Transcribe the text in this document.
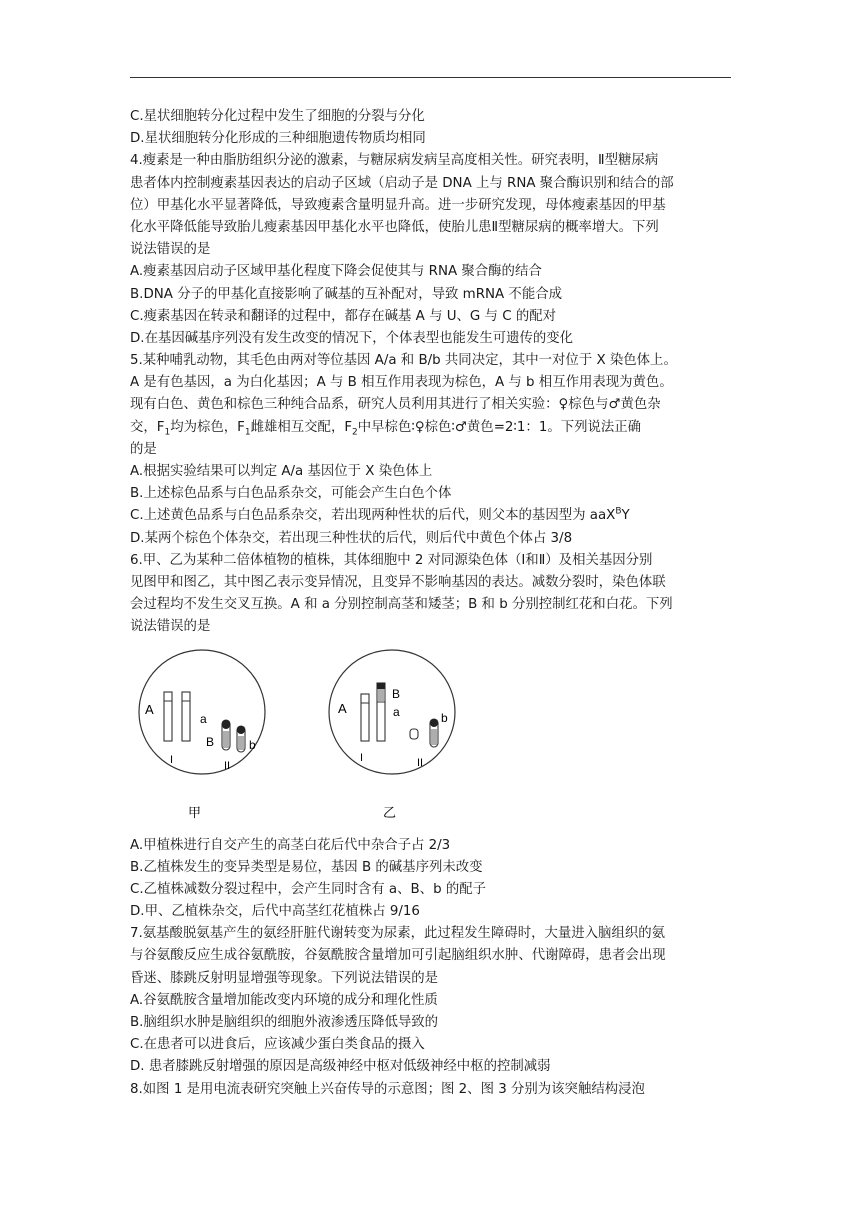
C.星状细胞转分化过程中发生了细胞的分裂与分化
D.星状细胞转分化形成的三种细胞遗传物质均相同
4.瘦素是一种由脂肪组织分泌的激素，与糖尿病发病呈高度相关性。研究表明，Ⅱ型糖尿病
患者体内控制瘦素基因表达的启动子区域（启动子是 DNA 上与 RNA 聚合酶识别和结合的部
位）甲基化水平显著降低，导致瘦素含量明显升高。进一步研究发现，母体瘦素基因的甲基
化水平降低能导致胎儿瘦素基因甲基化水平也降低，使胎儿患Ⅱ型糖尿病的概率增大。下列
说法错误的是
A.瘦素基因启动子区域甲基化程度下降会促使其与 RNA 聚合酶的结合
B.DNA 分子的甲基化直接影响了碱基的互补配对，导致 mRNA 不能合成
C.瘦素基因在转录和翻译的过程中，都存在碱基 A 与 U、G 与 C 的配对
D.在基因碱基序列没有发生改变的情况下，个体表型也能发生可遗传的变化
5.某种哺乳动物，其毛色由两对等位基因 A/a 和 B/b 共同决定，其中一对位于 X 染色体上。
A 是有色基因，a 为白化基因；A 与 B 相互作用表现为棕色，A 与 b 相互作用表现为黄色。
现有白色、黄色和棕色三种纯合品系，研究人员利用其进行了相关实验：♀棕色与♂黄色杂
交，$F_1$均为棕色，$F_1$雌雄相互交配，$F_2$中早棕色∶♀棕色∶♂黄色=2∶1：1。下列说法正确
的是
A.根据实验结果可以判定 A/a 基因位于 X 染色体上
B.上述棕色品系与白色品系杂交，可能会产生白色个体
C.上述黄色品系与白色品系杂交，若出现两种性状的后代，则父本的基因型为 aaX$^B$Y
D.某两个棕色个体杂交，若出现三种性状的后代，则后代中黄色个体占 3/8
6.甲、乙为某种二倍体植物的植株，其体细胞中 2 对同源染色体（Ⅰ和Ⅱ）及相关基因分别
见图甲和图乙，其中图乙表示变异情况，且变异不影响基因的表达。减数分裂时，染色体联
会过程均不发生交叉互换。A 和 a 分别控制高茎和矮茎；B 和 b 分别控制红花和白花。下列
说法错误的是
A
a
B	b
I	II
甲
A
B
a	b
I	II
乙
A.甲植株进行自交产生的高茎白花后代中杂合子占 2/3
B.乙植株发生的变异类型是易位，基因 B 的碱基序列未改变
C.乙植株减数分裂过程中，会产生同时含有 a、B、b 的配子
D.甲、乙植株杂交，后代中高茎红花植株占 9/16
7.氨基酸脱氨基产生的氨经肝脏代谢转变为尿素，此过程发生障碍时，大量进入脑组织的氨
与谷氨酸反应生成谷氨酰胺，谷氨酰胺含量增加可引起脑组织水肿、代谢障碍，患者会出现
昏迷、膝跳反射明显增强等现象。下列说法错误的是
A.谷氨酰胺含量增加能改变内环境的成分和理化性质
B.脑组织水肿是脑组织的细胞外液渗透压降低导致的
C.在患者可以进食后，应该减少蛋白类食品的摄入
D. 患者膝跳反射增强的原因是高级神经中枢对低级神经中枢的控制减弱
8.如图 1 是用电流表研究突触上兴奋传导的示意图；图 2、图 3 分别为该突触结构浸泡
